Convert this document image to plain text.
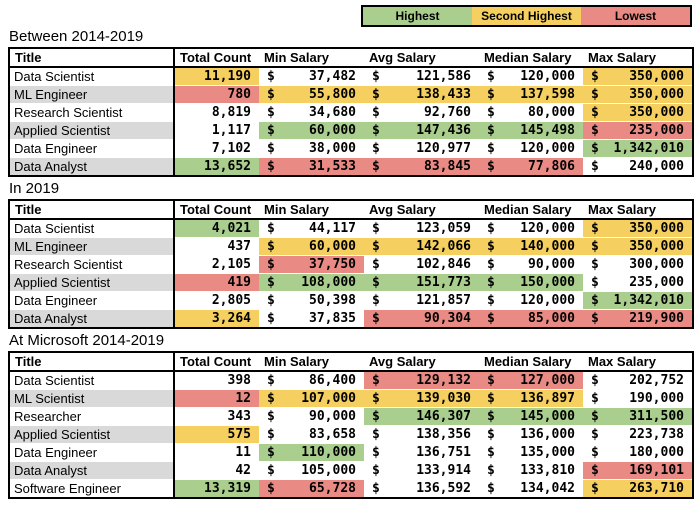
Highest	Second Highest	Lowest
Between 2014-2019
Title	Total Count	Min Salary	Avg Salary	Median Salary	Max Salary
Data Scientist	11,190	$ 37,482	$ 121,586	$ 120,000	$ 350,000

ML Engineer	780	$ 55,800	$ 138,433	$ 137,598	$ 350,000

Research Scientist	8,819	$ 34,680	$ 92,760	$ 80,000	$ 350,000

Applied Scientist	1,117	$ 60,000	$ 147,436	$ 145,498	$ 235,000

Data Engineer	7,102	$ 38,000	$ 120,977	$ 120,000	$ 1,342,010

Data Analyst	13,652	$ 31,533	$ 83,845	$ 77,806	$ 240,000
In 2019
Title	Total Count	Min Salary	Avg Salary	Median Salary	Max Salary
Data Scientist	4,021	$ 44,117	$ 123,059	$ 120,000	$ 350,000

ML Engineer	437	$ 60,000	$ 142,066	$ 140,000	$ 350,000

Research Scientist	2,105	$ 37,750	$ 102,846	$ 90,000	$ 300,000

Applied Scientist	419	$ 108,000	$ 151,773	$ 150,000	$ 235,000

Data Engineer	2,805	$ 50,398	$ 121,857	$ 120,000	$ 1,342,010

Data Analyst	3,264	$ 37,835	$ 90,304	$ 85,000	$ 219,900
At Microsoft 2014-2019
Title	Total Count	Min Salary	Avg Salary	Median Salary	Max Salary
Data Scientist	398	$ 86,400	$ 129,132	$ 127,000	$ 202,752

ML Scientist	12	$ 107,000	$ 139,030	$ 136,897	$ 190,000

Researcher	343	$ 90,000	$ 146,307	$ 145,000	$ 311,500

Applied Scientist	575	$ 83,658	$ 138,356	$ 136,000	$ 223,738

Data Engineer	11	$ 110,000	$ 136,751	$ 135,000	$ 180,000

Data Analyst	42	$ 105,000	$ 133,914	$ 133,810	$ 169,101

Software Engineer	13,319	$ 65,728	$ 136,592	$ 134,042	$ 263,710
